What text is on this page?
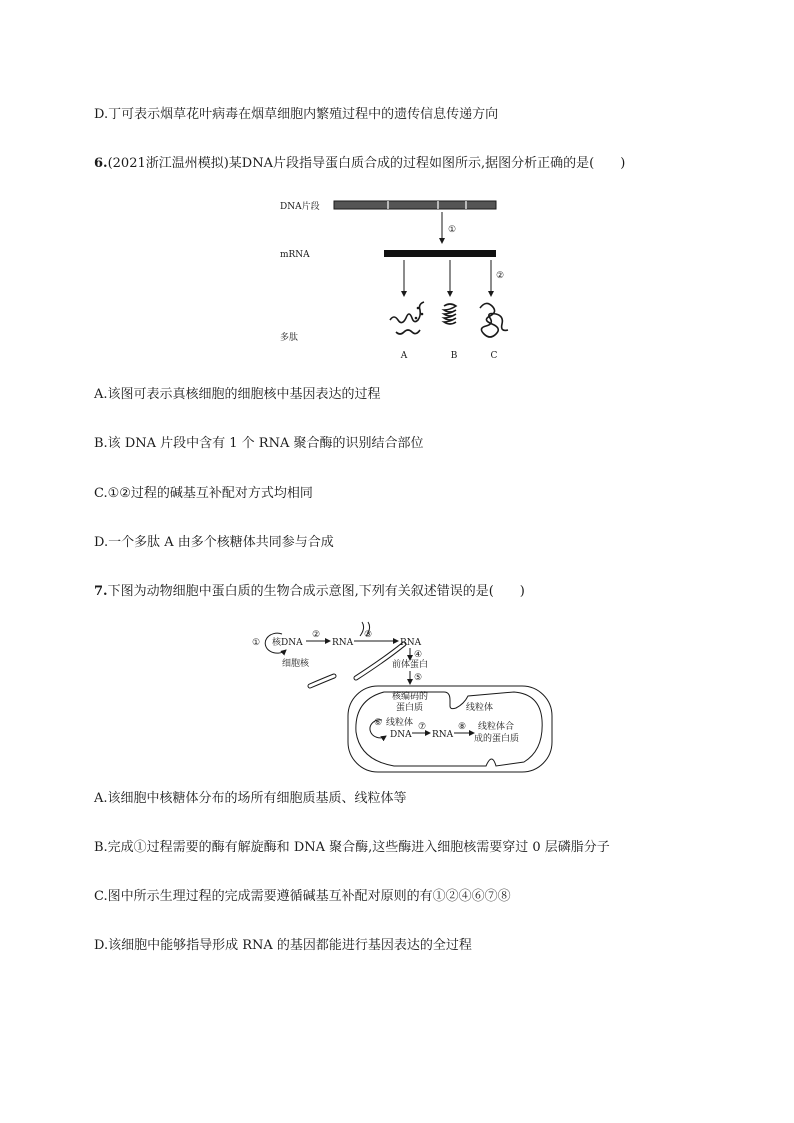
D.丁可表示烟草花叶病毒在烟草细胞内繁殖过程中的遗传信息传递方向
6.(2021浙江温州模拟)某DNA片段指导蛋白质合成的过程如图所示,据图分析正确的是(　　)
DNA片段
①
mRNA
②
多肽
A	B	C
A.该图可表示真核细胞的细胞核中基因表达的过程
B.该 DNA 片段中含有 1 个 RNA 聚合酶的识别结合部位
C.①②过程的碱基互补配对方式均相同
D.一个多肽 A 由多个核糖体共同参与合成
7.下图为动物细胞中蛋白质的生物合成示意图,下列有关叙述错误的是(　　)
① 核DNA
②
RNA
③
RNA
④
细胞核	前体蛋白
⑤
核编码的
蛋白质	线粒体
⑥ 线粒体
DNA
⑦
RNA
⑧ 线粒体合
成的蛋白质
A.该细胞中核糖体分布的场所有细胞质基质、线粒体等
B.完成①过程需要的酶有解旋酶和 DNA 聚合酶,这些酶进入细胞核需要穿过 0 层磷脂分子
C.图中所示生理过程的完成需要遵循碱基互补配对原则的有①②④⑥⑦⑧
D.该细胞中能够指导形成 RNA 的基因都能进行基因表达的全过程
